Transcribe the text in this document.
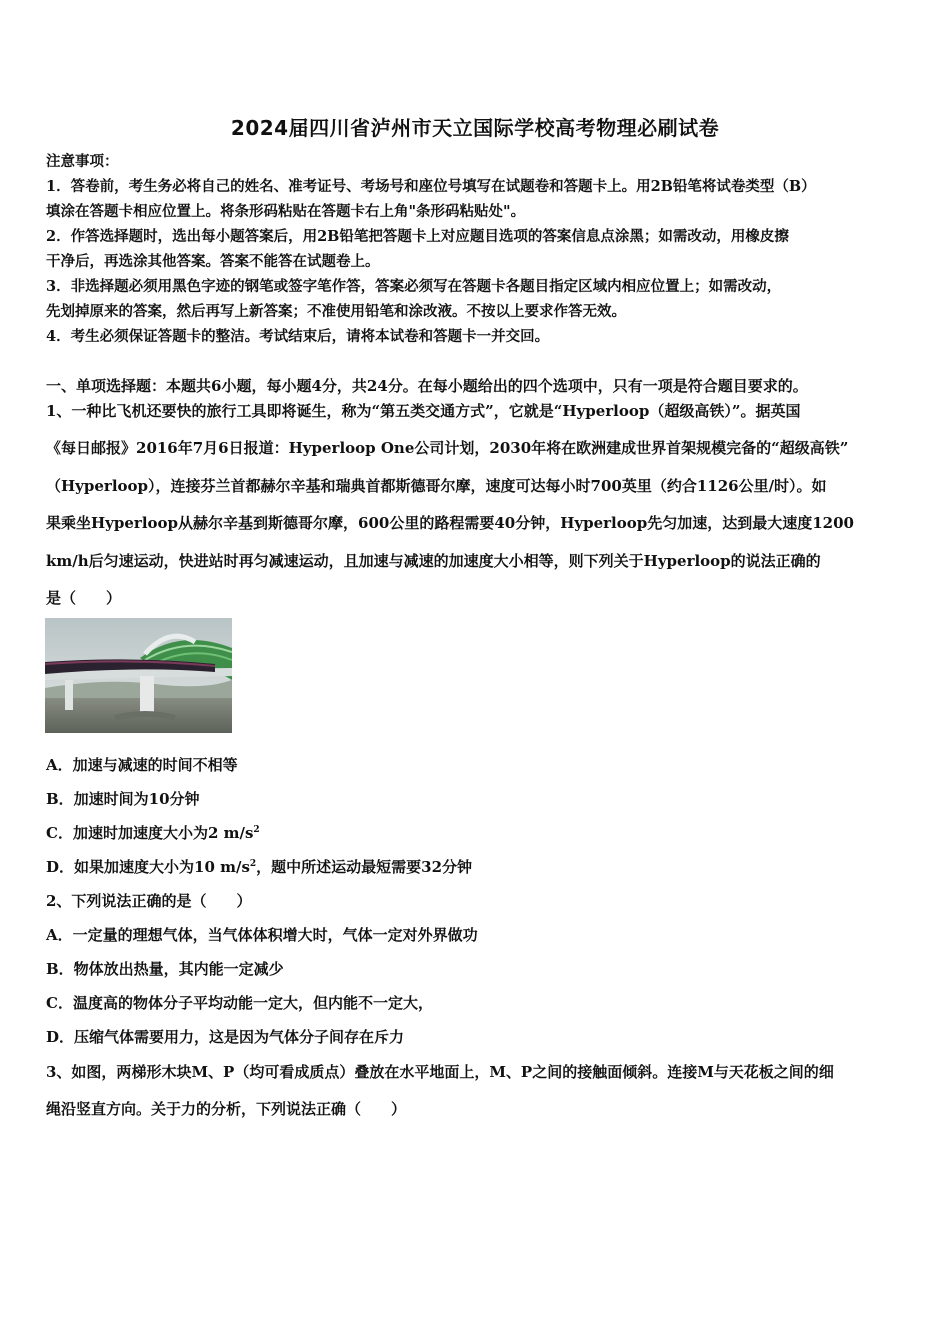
2024届四川省泸州市天立国际学校高考物理必刷试卷
注意事项：
1．答卷前，考生务必将自己的姓名、准考证号、考场号和座位号填写在试题卷和答题卡上。用2B铅笔将试卷类型（B）
填涂在答题卡相应位置上。将条形码粘贴在答题卡右上角"条形码粘贴处"。
2．作答选择题时，选出每小题答案后，用2B铅笔把答题卡上对应题目选项的答案信息点涂黑；如需改动，用橡皮擦
干净后，再选涂其他答案。答案不能答在试题卷上。
3．非选择题必须用黑色字迹的钢笔或签字笔作答，答案必须写在答题卡各题目指定区域内相应位置上；如需改动，
先划掉原来的答案，然后再写上新答案；不准使用铅笔和涂改液。不按以上要求作答无效。
4．考生必须保证答题卡的整洁。考试结束后，请将本试卷和答题卡一并交回。
一、单项选择题：本题共6小题，每小题4分，共24分。在每小题给出的四个选项中，只有一项是符合题目要求的。
1、一种比飞机还要快的旅行工具即将诞生，称为“第五类交通方式”，它就是“Hyperloop（超级高铁）”。据英国
《每日邮报》2016年7月6日报道：Hyperloop One公司计划，2030年将在欧洲建成世界首架规模完备的“超级高铁”
（Hyperloop），连接芬兰首都赫尔辛基和瑞典首都斯德哥尔摩，速度可达每小时700英里（约合1126公里/时）。如
果乘坐Hyperloop从赫尔辛基到斯德哥尔摩，600公里的路程需要40分钟，Hyperloop先匀加速，达到最大速度1200
km/h后匀速运动，快进站时再匀减速运动，且加速与减速的加速度大小相等，则下列关于Hyperloop的说法正确的
是（　　）
A．加速与减速的时间不相等
B．加速时间为10分钟
C．加速时加速度大小为2 $m/s^2$
D．如果加速度大小为10 $m/s^2$，题中所述运动最短需要32分钟
2、下列说法正确的是（　　）
A．一定量的理想气体，当气体体积增大时，气体一定对外界做功
B．物体放出热量，其内能一定减少
C．温度高的物体分子平均动能一定大，但内能不一定大，
D．压缩气体需要用力，这是因为气体分子间存在斥力
3、如图，两梯形木块M、P（均可看成质点）叠放在水平地面上，M、P之间的接触面倾斜。连接M与天花板之间的细
绳沿竖直方向。关于力的分析，下列说法正确（　　）
